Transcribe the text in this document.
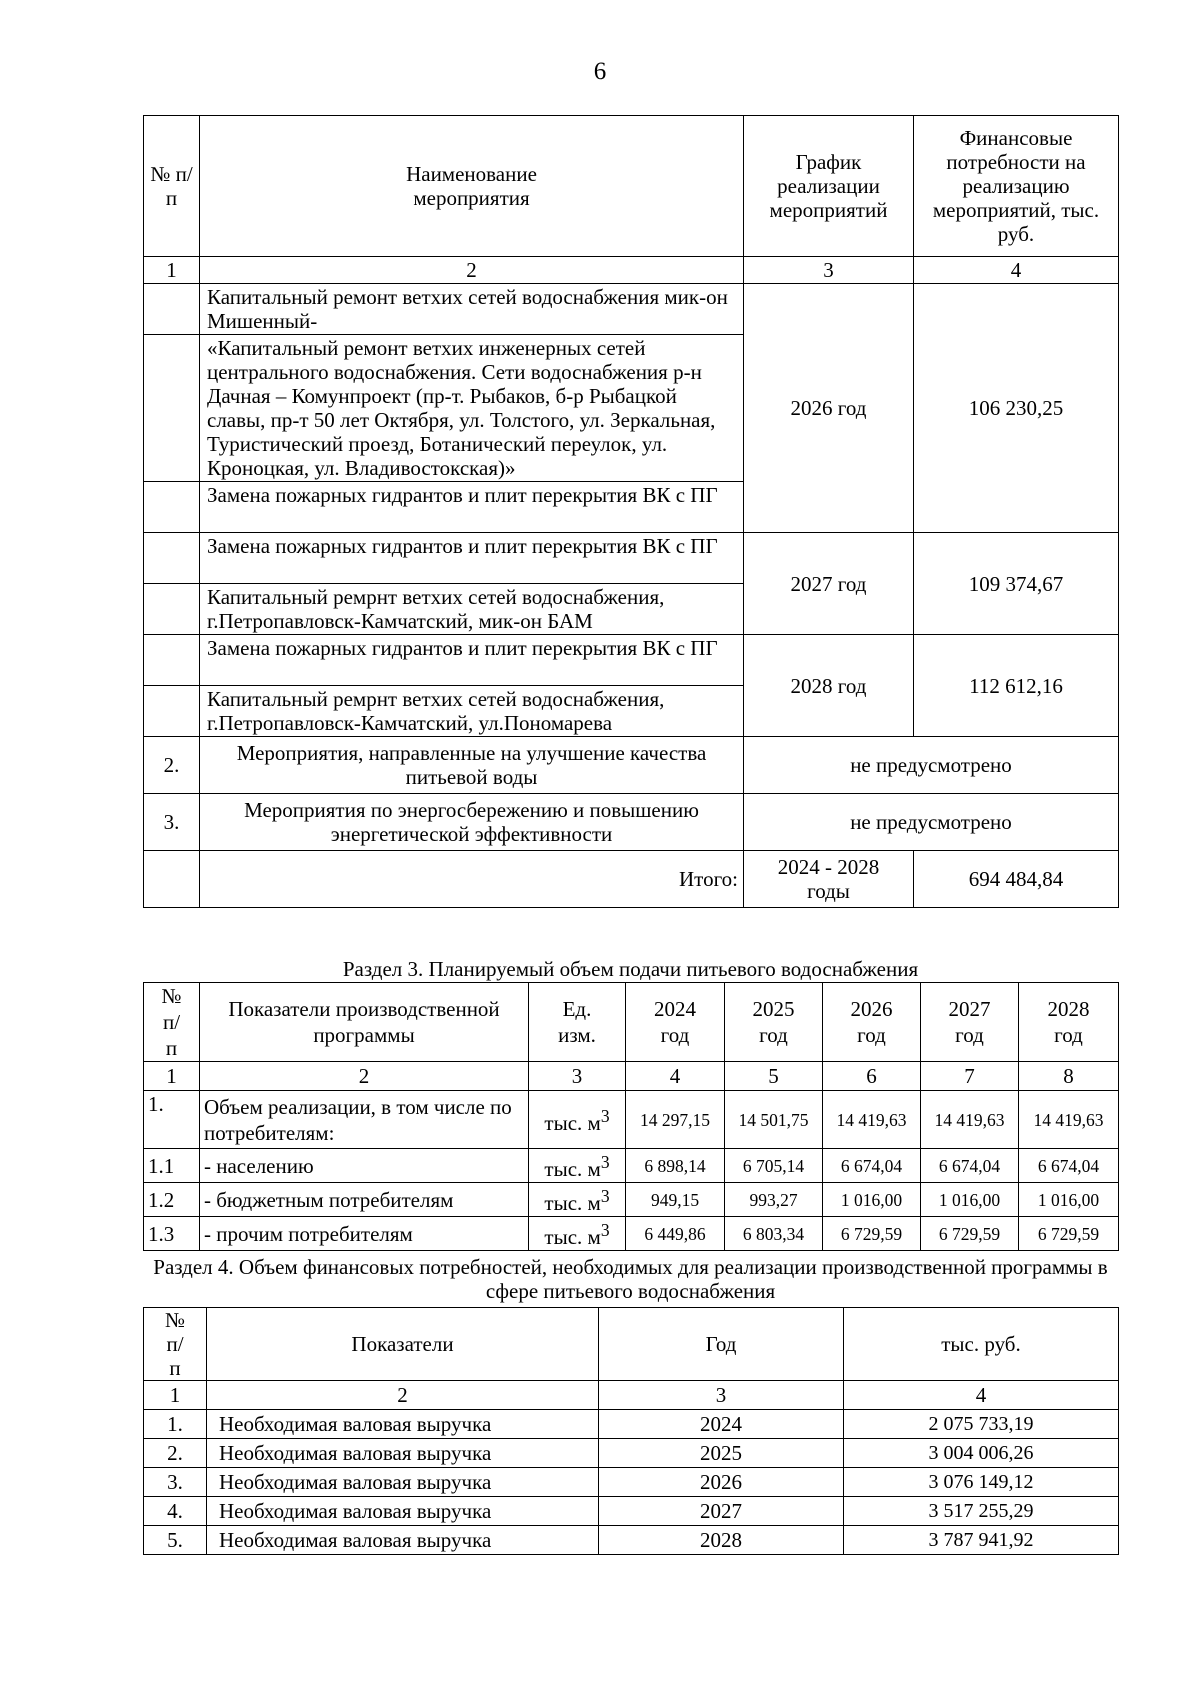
6
№ п/п	Наименование мероприятия	График реализации мероприятий	Финансовые потребности на реализацию мероприятий, тыс. руб.

1	2	3	4
	Капитальный ремонт ветхих сетей водоснабжения мик-он Мишенный-	2026 год	106 230,25
	«Капитальный ремонт ветхих инженерных сетей центрального водоснабжения. Сети водоснабжения р-н Дачная – Комунпроект (пр-т. Рыбаков, б-р Рыбацкой славы, пр-т 50 лет Октября, ул. Толстого, ул. Зеркальная, Туристический проезд, Ботанический переулок, ул. Кроноцкая, ул. Владивостокская)»		
	Замена пожарных гидрантов и плит перекрытия ВК с ПГ		
	Замена пожарных гидрантов и плит перекрытия ВК с ПГ	2027 год	109 374,67
	Капитальный ремрнт ветхих сетей водоснабжения, г.Петропавловск-Камчатский, мик-он БАМ		
	Замена пожарных гидрантов и плит перекрытия ВК с ПГ	2028 год	112 612,16
	Капитальный ремрнт ветхих сетей водоснабжения, г.Петропавловск-Камчатский, ул.Пономарева		
2.	Мероприятия, направленные на улучшение качества питьевой воды	не предусмотрено	
3.	Мероприятия по энергосбережению и повышению энергетической эффективности	не предусмотрено	
	Итого:	2024 - 2028 годы	694 484,84
Раздел 3. Планируемый объем подачи питьевого водоснабжения
№ п/п	Показатели производственной программы	Ед. изм.	2024 год	2025 год	2026 год	2027 год	2028 год

1	2	3	4	5	6	7	8
1.	Объем реализации, в том числе по потребителям:	тыс. $м^3$	14 297,15	14 501,75	14 419,63	14 419,63	14 419,63
1.1	- населению	тыс. $м^3$	6 898,14	6 705,14	6 674,04	6 674,04	6 674,04
1.2	- бюджетным потребителям	тыс. $м^3$	949,15	993,27	1 016,00	1 016,00	1 016,00
1.3	- прочим потребителям	тыс. $м^3$	6 449,86	6 803,34	6 729,59	6 729,59	6 729,59
Раздел 4. Объем финансовых потребностей, необходимых для реализации производственной программы в сфере питьевого водоснабжения
№ п/п	Показатели	Год	тыс. руб.
1	2	3	4
1.	Необходимая валовая выручка	2024	2 075 733,19
2.	Необходимая валовая выручка	2025	3 004 006,26
3.	Необходимая валовая выручка	2026	3 076 149,12
4.	Необходимая валовая выручка	2027	3 517 255,29
5.	Необходимая валовая выручка	2028	3 787 941,92
